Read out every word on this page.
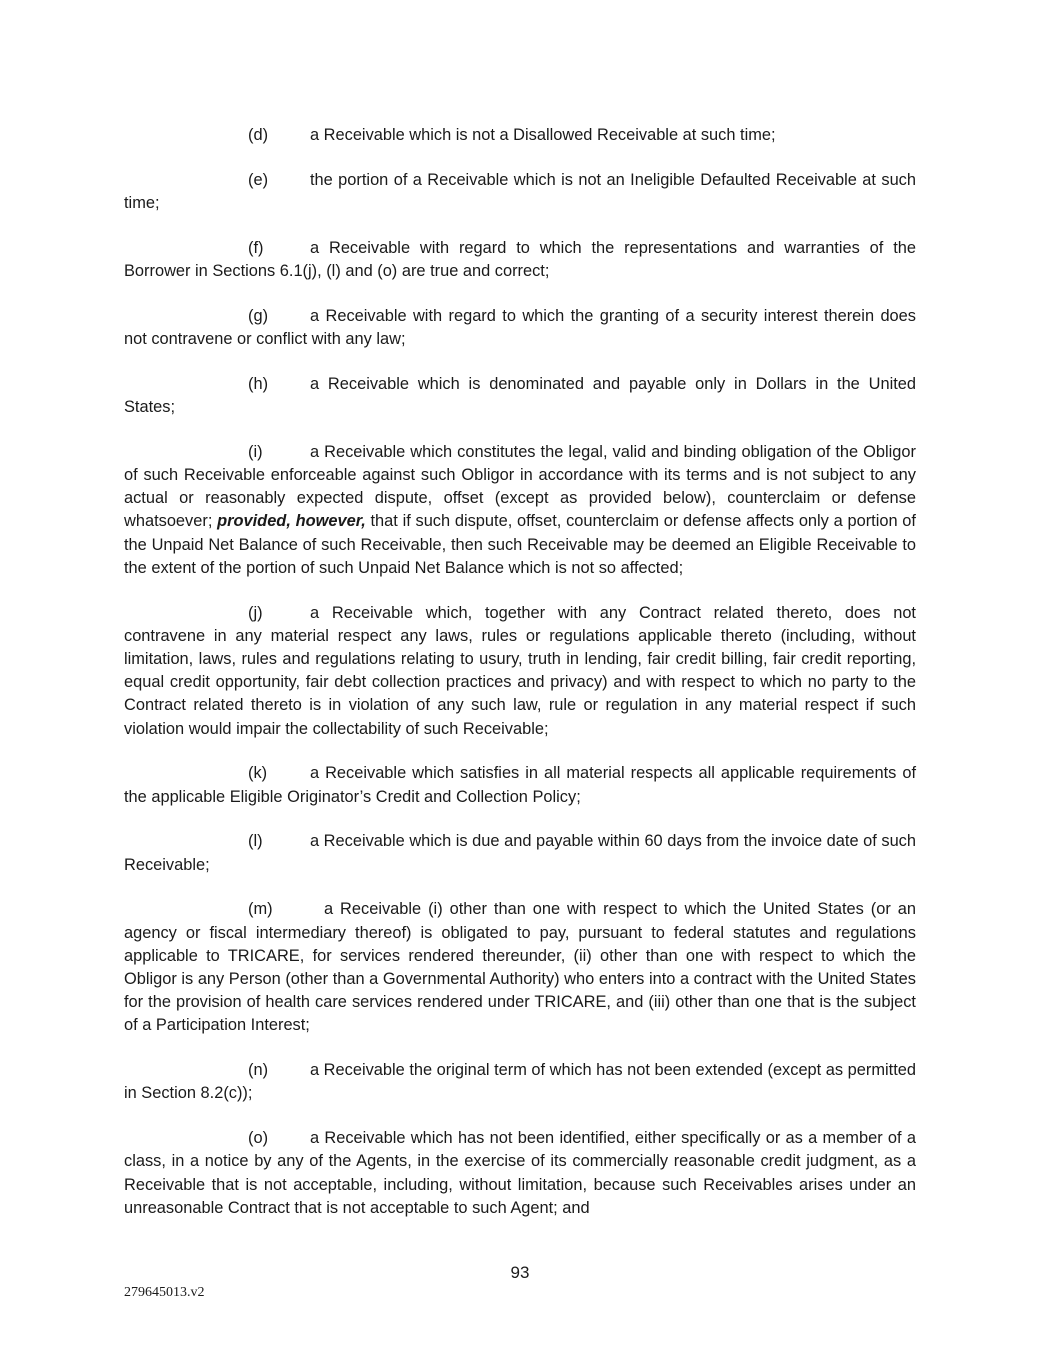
(d)	a Receivable which is not a Disallowed Receivable at such time;

(e)	the portion of a Receivable which is not an Ineligible Defaulted Receivable at such time;

(f)	a Receivable with regard to which the representations and warranties of the Borrower in Sections 6.1(j), (l) and (o) are true and correct;

(g)	a Receivable with regard to which the granting of a security interest therein does not contravene or conflict with any law;

(h)	a Receivable which is denominated and payable only in Dollars in the United States;

(i)	a Receivable which constitutes the legal, valid and binding obligation of the Obligor of such Receivable enforceable against such Obligor in accordance with its terms and is not subject to any actual or reasonably expected dispute, offset (except as provided below), counterclaim or defense whatsoever; provided, however, that if such dispute, offset, counterclaim or defense affects only a portion of the Unpaid Net Balance of such Receivable, then such Receivable may be deemed an Eligible Receivable to the extent of the portion of such Unpaid Net Balance which is not so affected;

(j)	a Receivable which, together with any Contract related thereto, does not contravene in any material respect any laws, rules or regulations applicable thereto (including, without limitation, laws, rules and regulations relating to usury, truth in lending, fair credit billing, fair credit reporting, equal credit opportunity, fair debt collection practices and privacy) and with respect to which no party to the Contract related thereto is in violation of any such law, rule or regulation in any material respect if such violation would impair the collectability of such Receivable;

(k)	a Receivable which satisfies in all material respects all applicable requirements of the applicable Eligible Originator’s Credit and Collection Policy;

(l)	a Receivable which is due and payable within 60 days from the invoice date of such Receivable;

(m)	a Receivable (i) other than one with respect to which the United States (or an agency or fiscal intermediary thereof) is obligated to pay, pursuant to federal statutes and regulations applicable to TRICARE, for services rendered thereunder, (ii) other than one with respect to which the Obligor is any Person (other than a Governmental Authority) who enters into a contract with the United States for the provision of health care services rendered under TRICARE, and (iii) other than one that is the subject of a Participation Interest;

(n)	a Receivable the original term of which has not been extended (except as permitted in Section 8.2(c));

(o)	a Receivable which has not been identified, either specifically or as a member of a class, in a notice by any of the Agents, in the exercise of its commercially reasonable credit judgment, as a Receivable that is not acceptable, including, without limitation, because such Receivables arises under an unreasonable Contract that is not acceptable to such Agent; and

93
279645013.v2
